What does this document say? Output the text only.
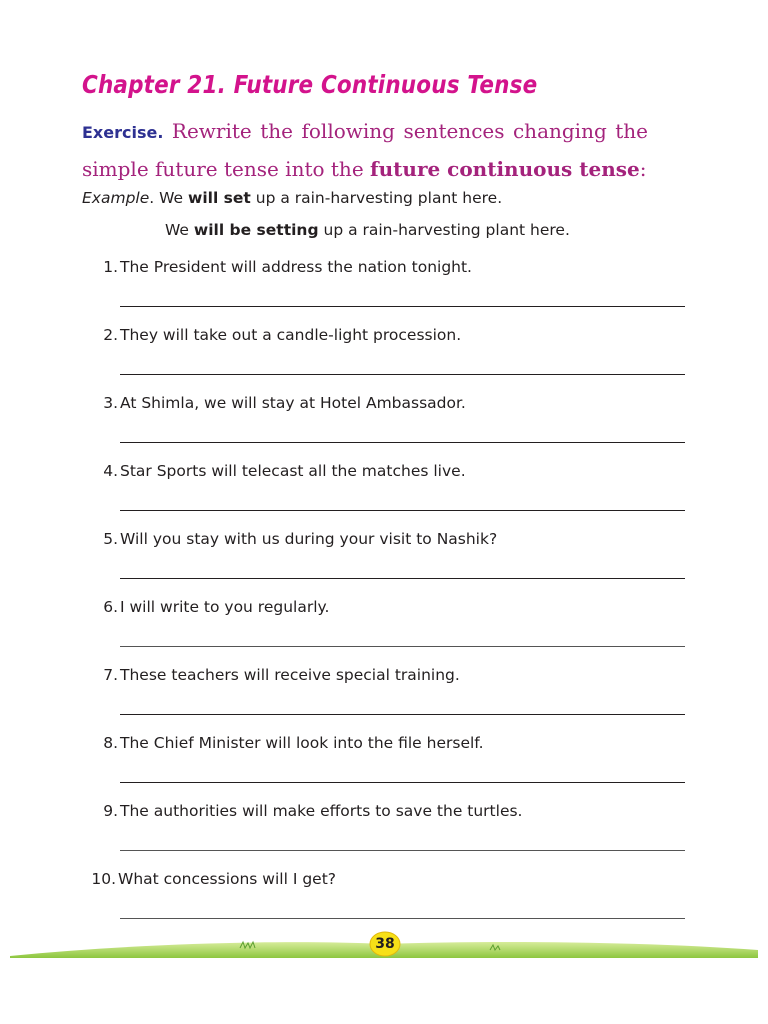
Chapter 21. Future Continuous Tense
Exercise. Rewrite the following sentences changing the simple future tense into the future continuous tense:
Example. We will set up a rain-harvesting plant here.
We will be setting up a rain-harvesting plant here.
1. The President will address the nation tonight.
2. They will take out a candle-light procession.
3. At Shimla, we will stay at Hotel Ambassador.
4. Star Sports will telecast all the matches live.
5. Will you stay with us during your visit to Nashik?
6. I will write to you regularly.
7. These teachers will receive special training.
8. The Chief Minister will look into the file herself.
9. The authorities will make efforts to save the turtles.
10. What concessions will I get?
38
